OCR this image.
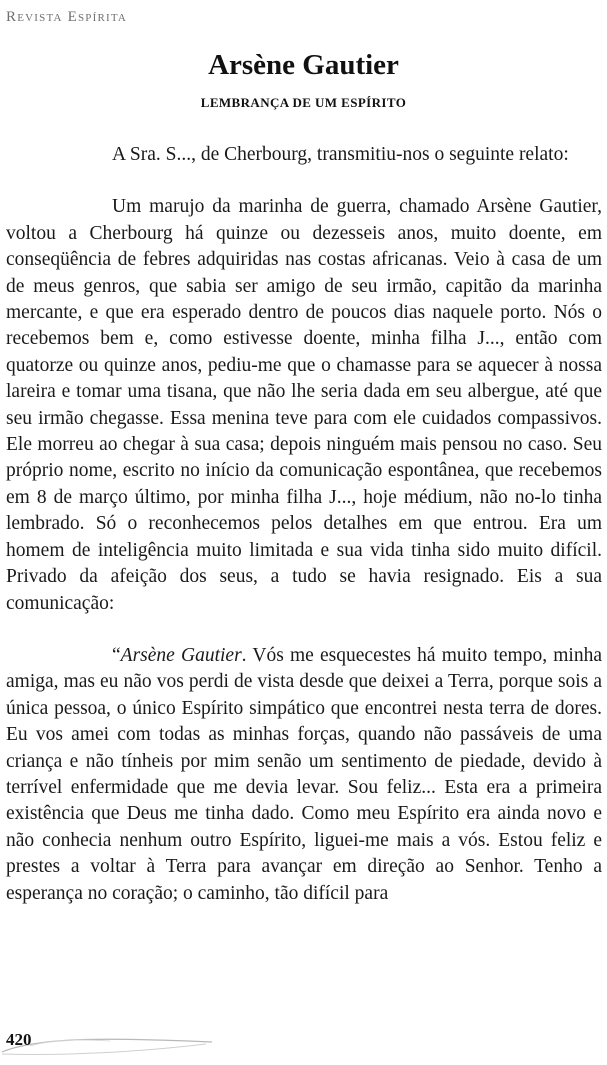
Revista Espírita
Arsène Gautier
LEMBRANÇA DE UM ESPÍRITO

A Sra. S..., de Cherbourg, transmitiu-nos o seguinte relato:

Um marujo da marinha de guerra, chamado Arsène Gautier, voltou a Cherbourg há quinze ou dezesseis anos, muito doente, em conseqüência de febres adquiridas nas costas africanas. Veio à casa de um de meus genros, que sabia ser amigo de seu irmão, capitão da marinha mercante, e que era esperado dentro de poucos dias naquele porto. Nós o recebemos bem e, como estivesse doente, minha filha J..., então com quatorze ou quinze anos, pediu-me que o chamasse para se aquecer à nossa lareira e tomar uma tisana, que não lhe seria dada em seu albergue, até que seu irmão chegasse. Essa menina teve para com ele cuidados compassivos. Ele morreu ao chegar à sua casa; depois ninguém mais pensou no caso. Seu próprio nome, escrito no início da comunicação espontânea, que recebemos em 8 de março último, por minha filha J..., hoje médium, não no-lo tinha lembrado. Só o reconhecemos pelos detalhes em que entrou. Era um homem de inteligência muito limitada e sua vida tinha sido muito difícil. Privado da afeição dos seus, a tudo se havia resignado. Eis a sua comunicação:

“Arsène Gautier. Vós me esquecestes há muito tempo, minha amiga, mas eu não vos perdi de vista desde que deixei a Terra, porque sois a única pessoa, o único Espírito simpático que encontrei nesta terra de dores. Eu vos amei com todas as minhas forças, quando não passáveis de uma criança e não tínheis por mim senão um sentimento de piedade, devido à terrível enfermidade que me devia levar. Sou feliz... Esta era a primeira existência que Deus me tinha dado. Como meu Espírito era ainda novo e não conhecia nenhum outro Espírito, liguei-me mais a vós. Estou feliz e prestes a voltar à Terra para avançar em direção ao Senhor. Tenho a esperança no coração; o caminho, tão difícil para

420
